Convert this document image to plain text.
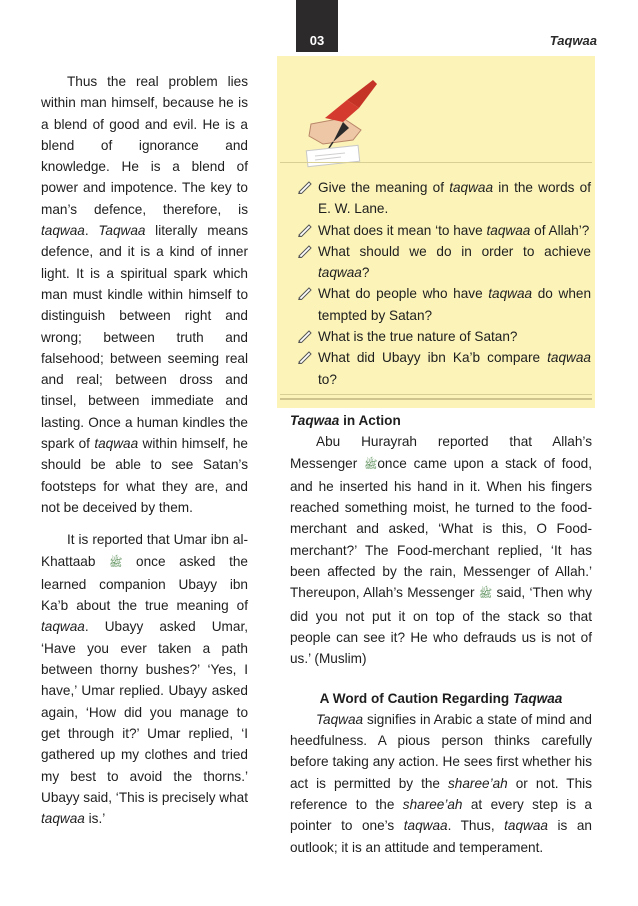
03	Taqwaa

Thus the real problem lies within man himself, because he is a blend of good and evil. He is a blend of ignorance and knowledge. He is a blend of power and impotence. The key to man’s defence, therefore, is taqwaa. Taqwaa literally means defence, and it is a kind of inner light. It is a spiritual spark which man must kindle within himself to distinguish between right and wrong; between truth and falsehood; between seeming real and real; between dross and tinsel, between immediate and lasting. Once a human kindles the spark of taqwaa within himself, he should be able to see Satan’s footsteps for what they are, and not be deceived by them.

It is reported that Umar ibn al-Khattaab ﷺ once asked the learned companion Ubayy ibn Ka’b about the true meaning of taqwaa. Ubayy asked Umar, ‘Have you ever taken a path between thorny bushes?’ ‘Yes, I have,’ Umar replied. Ubayy asked again, ‘How did you manage to get through it?’ Umar replied, ‘I gathered up my clothes and tried my best to avoid the thorns.’ Ubayy said, ‘This is precisely what taqwaa is.’

Give the meaning of taqwaa in the words of E. W. Lane.
What does it mean ‘to have taqwaa of Allah’?
What should we do in order to achieve taqwaa?
What do people who have taqwaa do when tempted by Satan?
What is the true nature of Satan?
What did Ubayy ibn Ka’b compare taqwaa to?
Taqwaa in Action

Abu Hurayrah reported that Allah’s Messenger ﷺonce came upon a stack of food, and he inserted his hand in it. When his fingers reached something moist, he turned to the food-merchant and asked, ‘What is this, O Food-merchant?’ The Food-merchant replied, ‘It has been affected by the rain, Messenger of Allah.’ Thereupon, Allah’s Messenger ﷺ said, ‘Then why did you not put it on top of the stack so that people can see it? He who defrauds us is not of us.’ (Muslim)

A Word of Caution Regarding Taqwaa

Taqwaa signifies in Arabic a state of mind and heedfulness. A pious person thinks carefully before taking any action. He sees first whether his act is permitted by the sharee’ah or not. This reference to the sharee’ah at every step is a pointer to one’s taqwaa. Thus, taqwaa is an outlook; it is an attitude and temperament.
